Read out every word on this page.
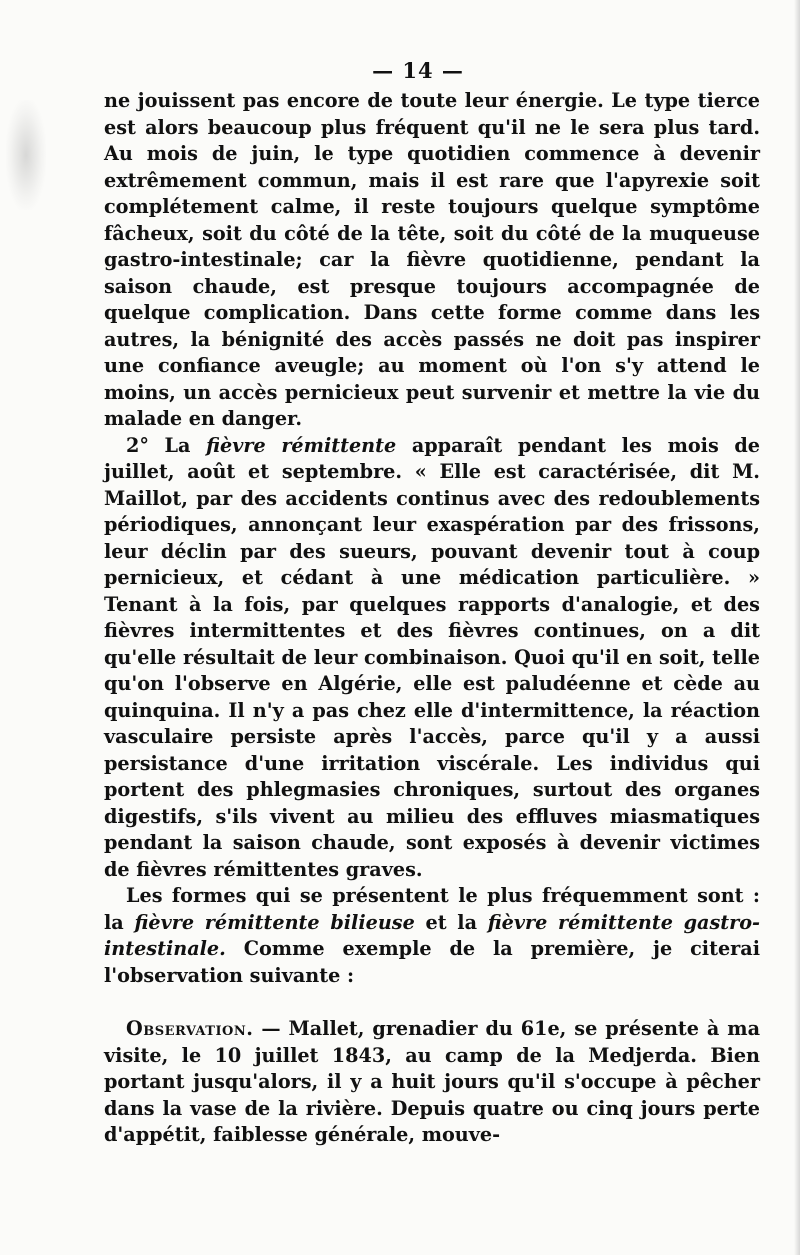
— 14 —

ne jouissent pas encore de toute leur énergie. Le type tierce est alors beaucoup plus fréquent qu'il ne le sera plus tard. Au mois de juin, le type quotidien commence à devenir extrêmement commun, mais il est rare que l'apyrexie soit complétement calme, il reste toujours quelque symptôme fâcheux, soit du côté de la tête, soit du côté de la muqueuse gastro-intestinale; car la fièvre quotidienne, pendant la saison chaude, est presque toujours accompagnée de quelque complication. Dans cette forme comme dans les autres, la bénignité des accès passés ne doit pas inspirer une confiance aveugle; au moment où l'on s'y attend le moins, un accès pernicieux peut survenir et mettre la vie du malade en danger.

2° La fièvre rémittente apparaît pendant les mois de juillet, août et septembre. « Elle est caractérisée, dit M. Maillot, par des accidents continus avec des redoublements périodiques, annonçant leur exaspération par des frissons, leur déclin par des sueurs, pouvant devenir tout à coup pernicieux, et cédant à une médication particulière. » Tenant à la fois, par quelques rapports d'analogie, et des fièvres intermittentes et des fièvres continues, on a dit qu'elle résultait de leur combinaison. Quoi qu'il en soit, telle qu'on l'observe en Algérie, elle est paludéenne et cède au quinquina. Il n'y a pas chez elle d'intermittence, la réaction vasculaire persiste après l'accès, parce qu'il y a aussi persistance d'une irritation viscérale. Les individus qui portent des phlegmasies chroniques, surtout des organes digestifs, s'ils vivent au milieu des effluves miasmatiques pendant la saison chaude, sont exposés à devenir victimes de fièvres rémittentes graves.

Les formes qui se présentent le plus fréquemment sont : la fièvre rémittente bilieuse et la fièvre rémittente gastro-intestinale. Comme exemple de la première, je citerai l'observation suivante :

Observation. — Mallet, grenadier du 61e, se présente à ma visite, le 10 juillet 1843, au camp de la Medjerda. Bien portant jusqu'alors, il y a huit jours qu'il s'occupe à pêcher dans la vase de la rivière. Depuis quatre ou cinq jours perte d'appétit, faiblesse générale, mouve-
